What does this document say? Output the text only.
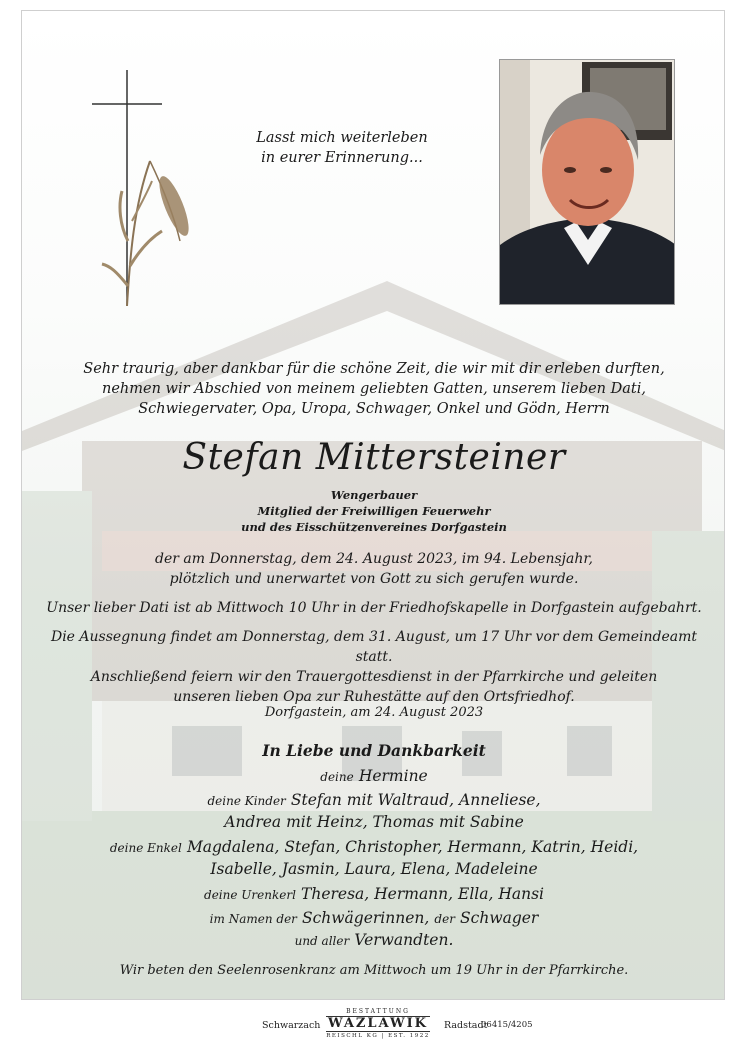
Lasst mich weiterleben
in eurer Erinnerung...
Sehr traurig, aber dankbar für die schöne Zeit, die wir mit dir erleben durften,
nehmen wir Abschied von meinem geliebten Gatten, unserem lieben Dati,
Schwiegervater, Opa, Uropa, Schwager, Onkel und Gödn, Herrn
Stefan Mittersteiner
Wengerbauer
Mitglied der Freiwilligen Feuerwehr
und des Eisschützenvereines Dorfgastein
der am Donnerstag, dem 24. August 2023, im 94. Lebensjahr,
plötzlich und unerwartet von Gott zu sich gerufen wurde.
Unser lieber Dati ist ab Mittwoch 10 Uhr in der Friedhofskapelle in Dorfgastein aufgebahrt.
Die Aussegnung findet am Donnerstag, dem 31. August, um 17 Uhr vor dem Gemeindeamt statt.
Anschließend feiern wir den Trauergottesdienst in der Pfarrkirche und geleiten
unseren lieben Opa zur Ruhestätte auf den Ortsfriedhof.
Dorfgastein, am 24. August 2023
In Liebe und Dankbarkeit
deine Hermine
deine Kinder Stefan mit Waltraud, Anneliese,
Andrea mit Heinz, Thomas mit Sabine
deine Enkel Magdalena, Stefan, Christopher, Hermann, Katrin, Heidi,
Isabelle, Jasmin, Laura, Elena, Madeleine
deine Urenkerl Theresa, Hermann, Ella, Hansi
im Namen der Schwägerinnen, der Schwager
und aller Verwandten.
Wir beten den Seelenrosenkranz am Mittwoch um 19 Uhr in der Pfarrkirche.
Schwarzach
BESTATTUNG
WAZLAWIK
REISCHL KG | EST. 1922
Radstadt
06415/4205
